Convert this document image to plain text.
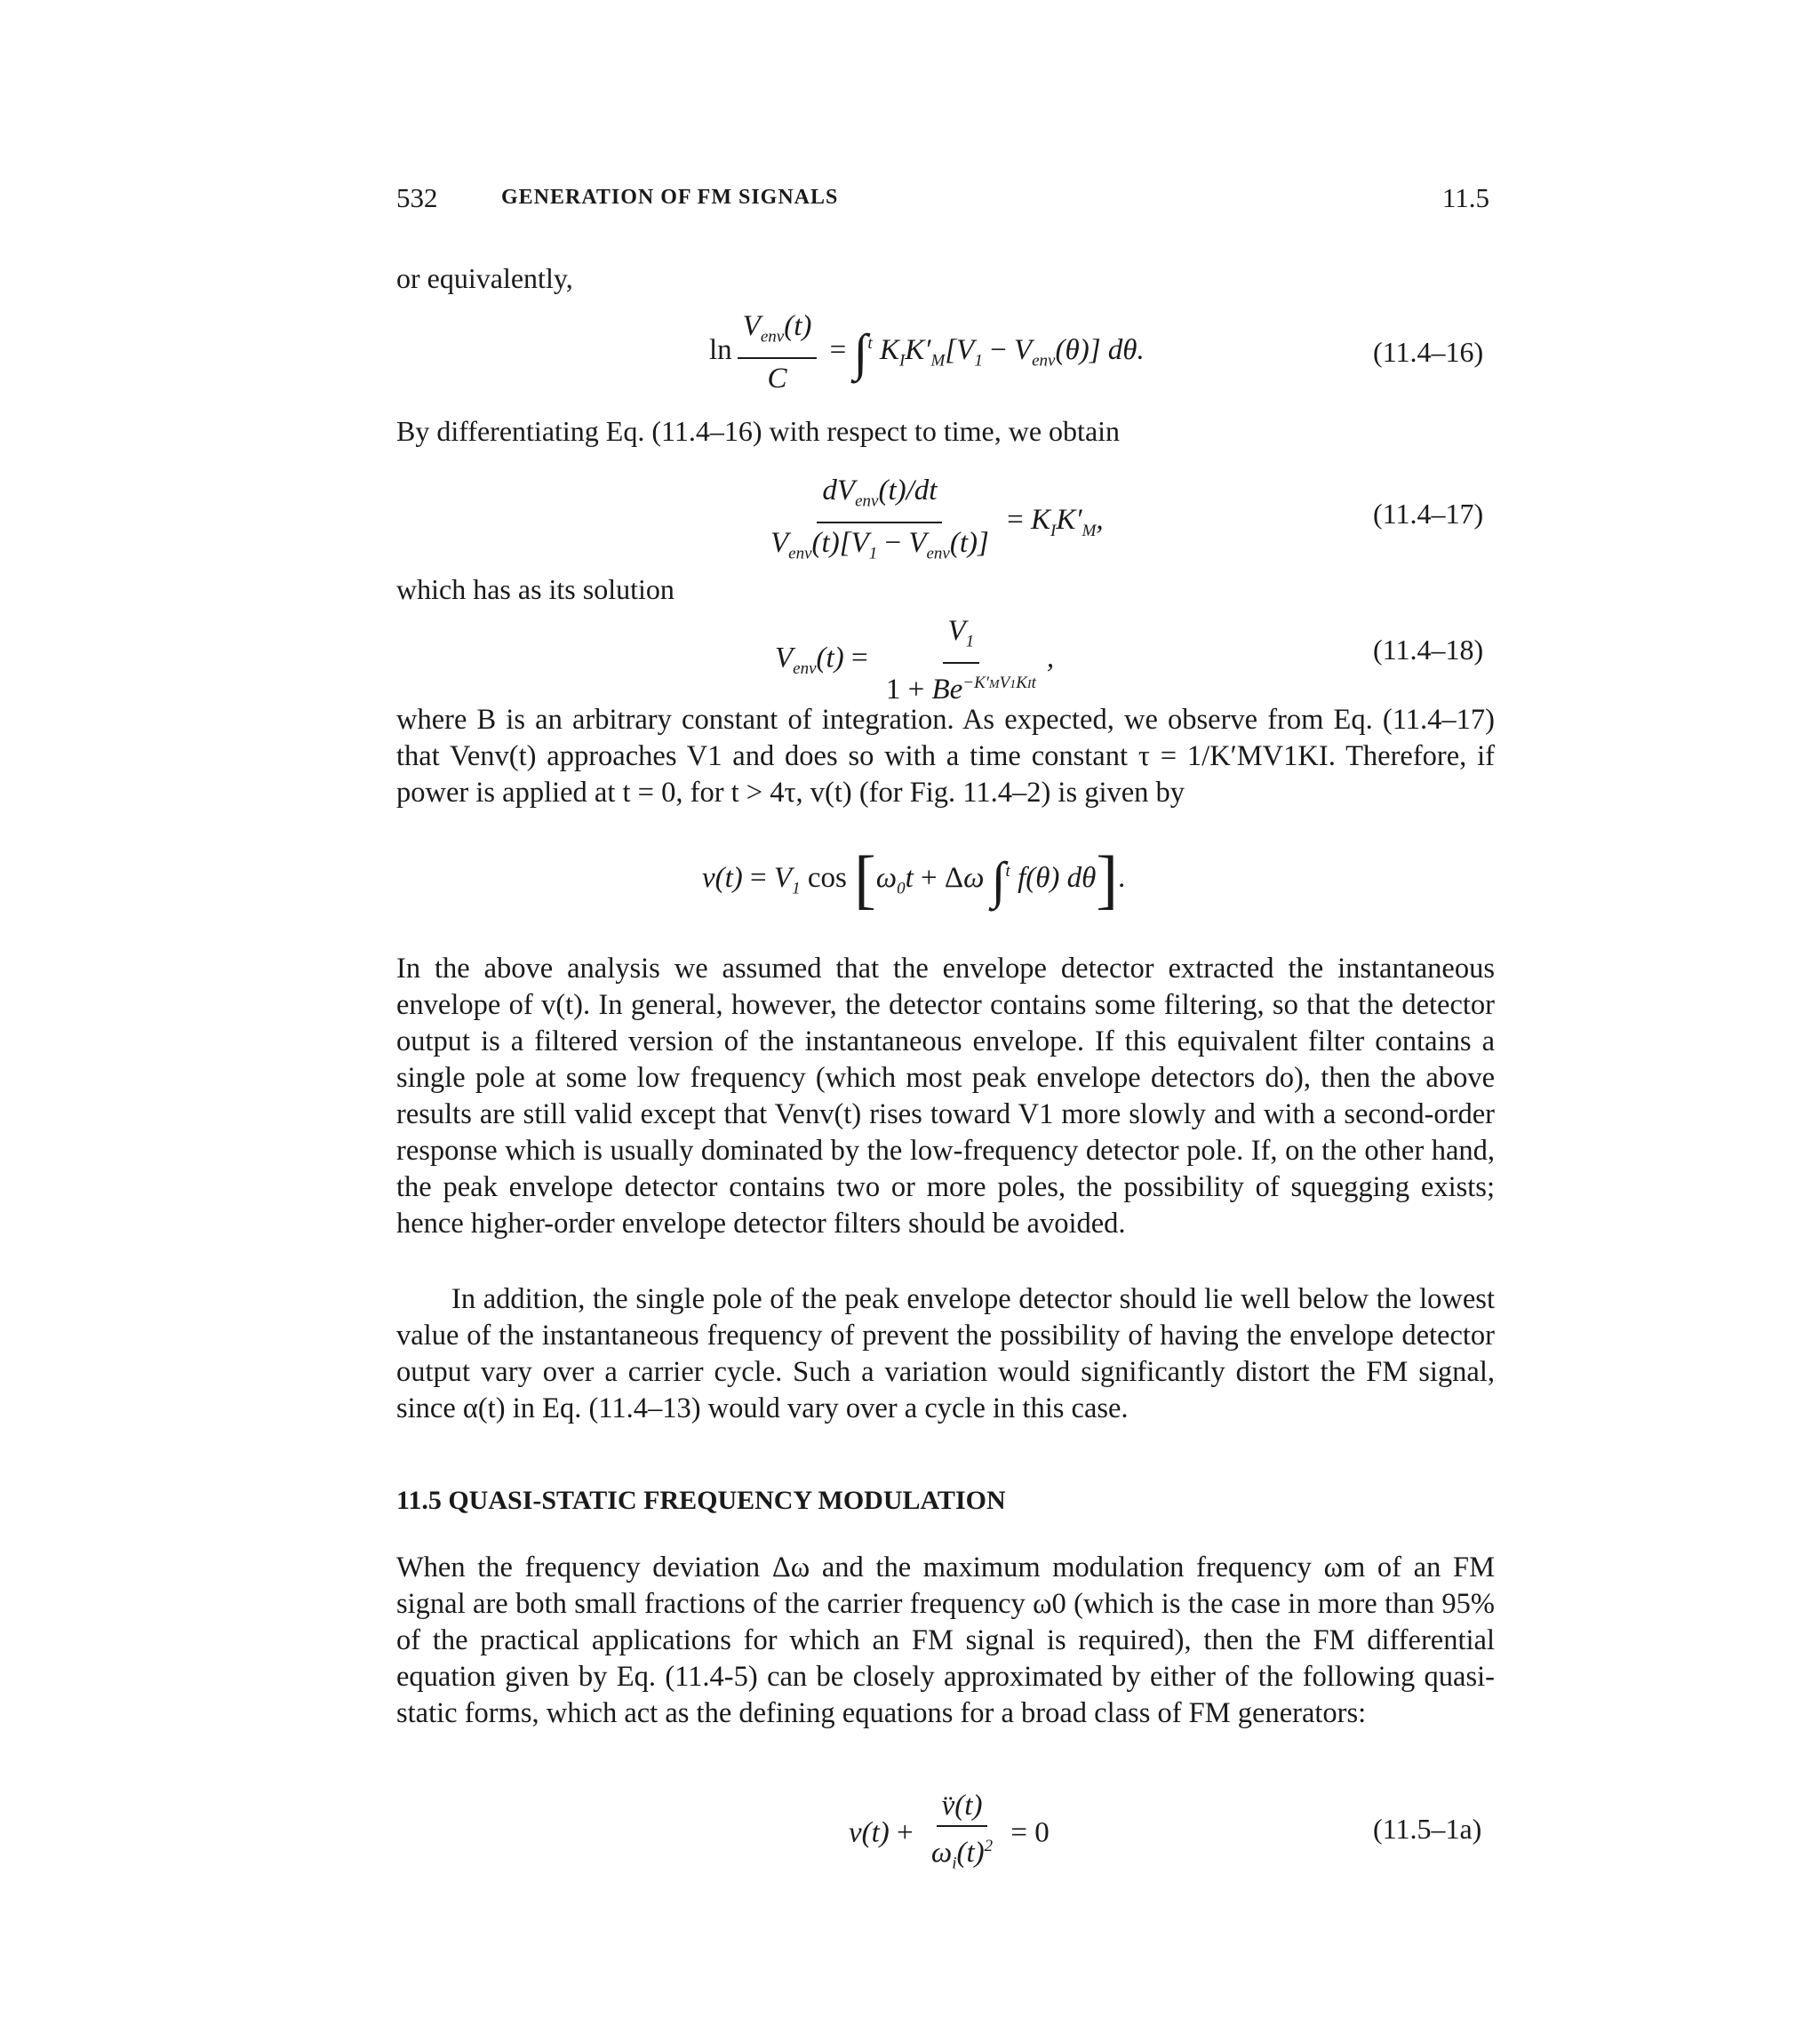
532	GENERATION OF FM SIGNALS	11.5
or equivalently,
$\ln \frac{V_{env}(t)}{C} = \int^t$ $K_IK'_M[V_1 - V_{env}(\theta)]$ dθ.	(11.4–16)
By differentiating Eq. (11.4–16) with respect to time, we obtain
$\frac{dV_{env}(t)/dt}{V_{env}(t)[V_1 - V_{env}(t)]} = K_IK'_M$,	(11.4–17)
which has as its solution
$V_{env}(t) = \frac{V_1}{1 + Be^{-K'MV1KIt}}$ ,	(11.4–18)
where B is an arbitrary constant of integration. As expected, we observe from Eq. (11.4–17) that Venv(t) approaches V1 and does so with a time constant τ = 1/K′MV1KI. Therefore, if power is applied at t = 0, for t > 4τ, v(t) (for Fig. 11.4–2) is given by
$v(t) = V_1$ $\cos [\omega_0t + \Delta\omega$ ∫$^t$ f(θ) dθ].
In the above analysis we assumed that the envelope detector extracted the instantaneous envelope of v(t). In general, however, the detector contains some filtering, so that the detector output is a filtered version of the instantaneous envelope. If this equivalent filter contains a single pole at some low frequency (which most peak envelope detectors do), then the above results are still valid except that Venv(t) rises toward V1 more slowly and with a second-order response which is usually dominated by the low-frequency detector pole. If, on the other hand, the peak envelope detector contains two or more poles, the possibility of squegging exists; hence higher-order envelope detector filters should be avoided.
In addition, the single pole of the peak envelope detector should lie well below the lowest value of the instantaneous frequency of prevent the possibility of having the envelope detector output vary over a carrier cycle. Such a variation would significantly distort the FM signal, since α(t) in Eq. (11.4–13) would vary over a cycle in this case.
11.5 QUASI-STATIC FREQUENCY MODULATION
When the frequency deviation Δω and the maximum modulation frequency ωm of an FM signal are both small fractions of the carrier frequency ω0 (which is the case in more than 95% of the practical applications for which an FM signal is required), then the FM differential equation given by Eq. (11.4-5) can be closely approximated by either of the following quasi-static forms, which act as the defining equations for a broad class of FM generators:
$v(t) + \frac{v̈(t)}{\omega_i(t)^2} = 0$	(11.5–1a)
